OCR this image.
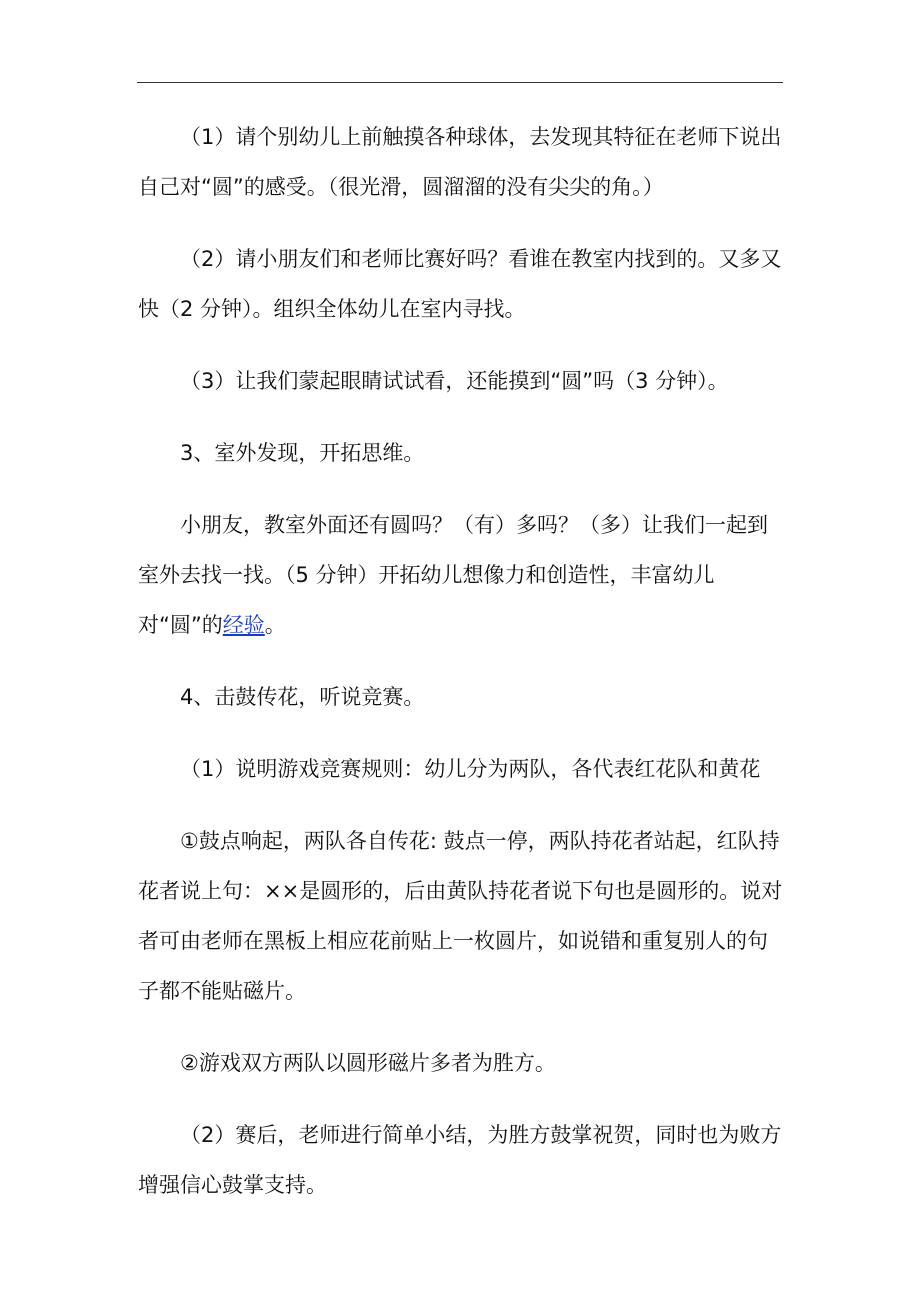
（1）请个别幼儿上前触摸各种球体，去发现其特征在老师下说出自己对“圆”的感受。（很光滑，圆溜溜的没有尖尖的角。）

（2）请小朋友们和老师比赛好吗？看谁在教室内找到的。又多又快（2 分钟）。组织全体幼儿在室内寻找。

（3）让我们蒙起眼睛试试看，还能摸到“圆”吗（3 分钟）。

3、室外发现，开拓思维。

小朋友，教室外面还有圆吗？（有）多吗？（多）让我们一起到室外去找一找。（5 分钟）开拓幼儿想像力和创造性，丰富幼儿对“圆”的经验。

4、击鼓传花，听说竞赛。

（1）说明游戏竞赛规则：幼儿分为两队，各代表红花队和黄花

①鼓点响起，两队各自传花: 鼓点一停，两队持花者站起，红队持花者说上句：××是圆形的，后由黄队持花者说下句也是圆形的。说对者可由老师在黑板上相应花前贴上一枚圆片，如说错和重复别人的句子都不能贴磁片。

②游戏双方两队以圆形磁片多者为胜方。

（2）赛后，老师进行简单小结，为胜方鼓掌祝贺，同时也为败方增强信心鼓掌支持。
